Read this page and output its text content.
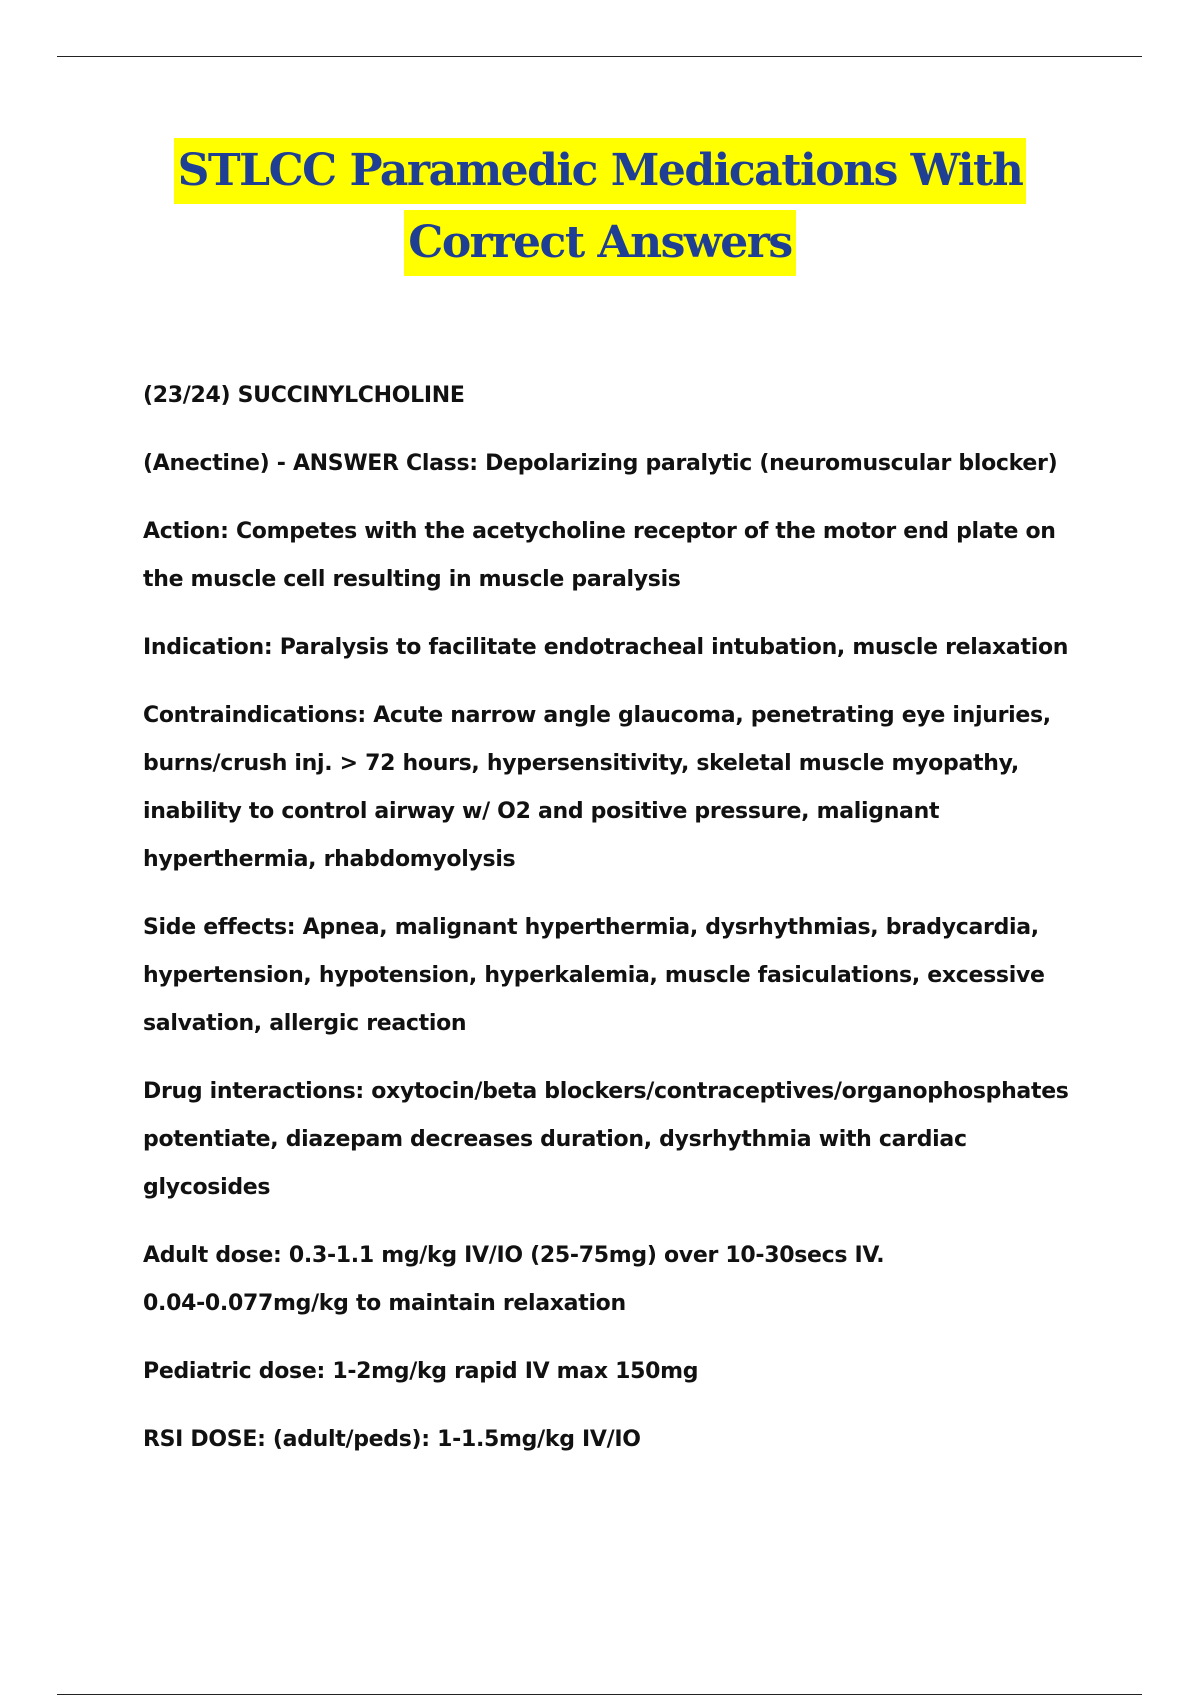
STLCC Paramedic Medications With
Correct Answers

(23/24) SUCCINYLCHOLINE

(Anectine) - ANSWER Class: Depolarizing paralytic (neuromuscular blocker)

Action: Competes with the acetycholine receptor of the motor end plate on
the muscle cell resulting in muscle paralysis

Indication: Paralysis to facilitate endotracheal intubation, muscle relaxation

Contraindications: Acute narrow angle glaucoma, penetrating eye injuries,
burns/crush inj. > 72 hours, hypersensitivity, skeletal muscle myopathy,
inability to control airway w/ O2 and positive pressure, malignant
hyperthermia, rhabdomyolysis

Side effects: Apnea, malignant hyperthermia, dysrhythmias, bradycardia,
hypertension, hypotension, hyperkalemia, muscle fasiculations, excessive
salvation, allergic reaction

Drug interactions: oxytocin/beta blockers/contraceptives/organophosphates
potentiate, diazepam decreases duration, dysrhythmia with cardiac
glycosides

Adult dose: 0.3-1.1 mg/kg IV/IO (25-75mg) over 10-30secs IV.
0.04-0.077mg/kg to maintain relaxation

Pediatric dose: 1-2mg/kg rapid IV max 150mg

RSI DOSE: (adult/peds): 1-1.5mg/kg IV/IO
